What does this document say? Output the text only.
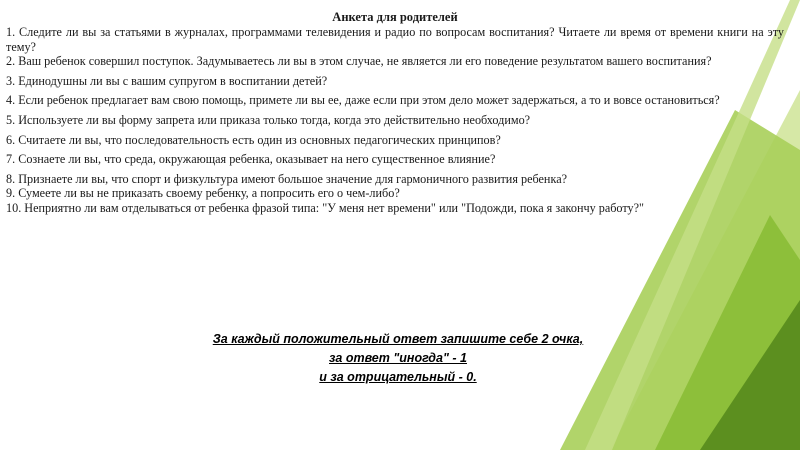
Анкета для родителей

1. Следите ли вы за статьями в журналах, программами телевидения и радио по вопросам воспитания? Читаете ли время от времени книги на эту тему?

2. Ваш ребенок совершил поступок. Задумываетесь ли вы в этом случае, не является ли его поведение результатом вашего воспитания?

3. Единодушны ли вы с вашим супругом в воспитании детей?

4. Если ребенок предлагает вам свою помощь, примете ли вы ее, даже если при этом дело может задержаться, а то и вовсе остановиться?

5. Используете ли вы форму запрета или приказа только тогда, когда это действительно необходимо?

6. Считаете ли вы, что последовательность есть один из основных педагогических принципов?

7. Сознаете ли вы, что среда, окружающая ребенка, оказывает на него существенное влияние?

8. Признаете ли вы, что спорт и физкультура имеют большое значение для гармоничного развития ребенка?

9. Сумеете ли вы не приказать своему ребенку, а попросить его о чем-либо?

10. Неприятно ли вам отделываться от ребенка фразой типа: "У меня нет времени" или "Подожди, пока я закончу работу?"

За каждый положительный ответ запишите себе 2 очка,

за ответ "иногда" - 1

и за отрицательный - 0.
